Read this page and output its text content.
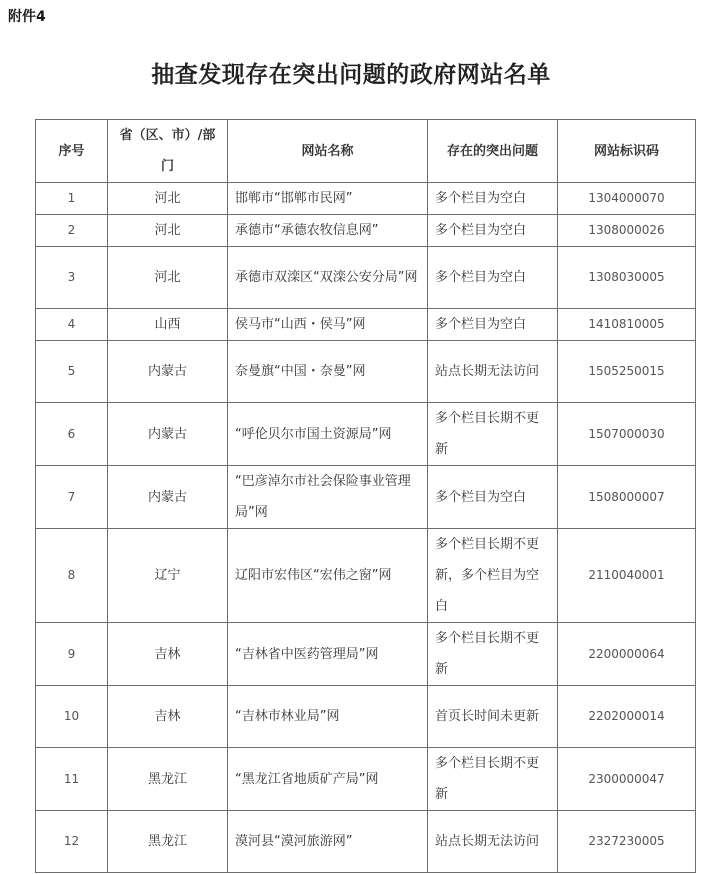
附件4
抽查发现存在突出问题的政府网站名单
序号	省（区、市）/部门	网站名称	存在的突出问题	网站标识码
1	河北	邯郸市“邯郸市民网”	多个栏目为空白	1304000070
2	河北	承德市“承德农牧信息网”	多个栏目为空白	1308000026
3	河北	承德市双滦区“双滦公安分局”网	多个栏目为空白	1308030005
4	山西	侯马市“山西・侯马”网	多个栏目为空白	1410810005
5	内蒙古	奈曼旗“中国・奈曼”网	站点长期无法访问	1505250015
6	内蒙古	“呼伦贝尔市国土资源局”网	多个栏目长期不更新	1507000030
7	内蒙古	“巴彦淖尔市社会保险事业管理局”网	多个栏目为空白	1508000007
8	辽宁	辽阳市宏伟区“宏伟之窗”网	多个栏目长期不更新，多个栏目为空白	2110040001
9	吉林	“吉林省中医药管理局”网	多个栏目长期不更新	2200000064
10	吉林	“吉林市林业局”网	首页长时间未更新	2202000014
11	黑龙江	“黑龙江省地质矿产局”网	多个栏目长期不更新	2300000047
12	黑龙江	漠河县“漠河旅游网”	站点长期无法访问	2327230005
